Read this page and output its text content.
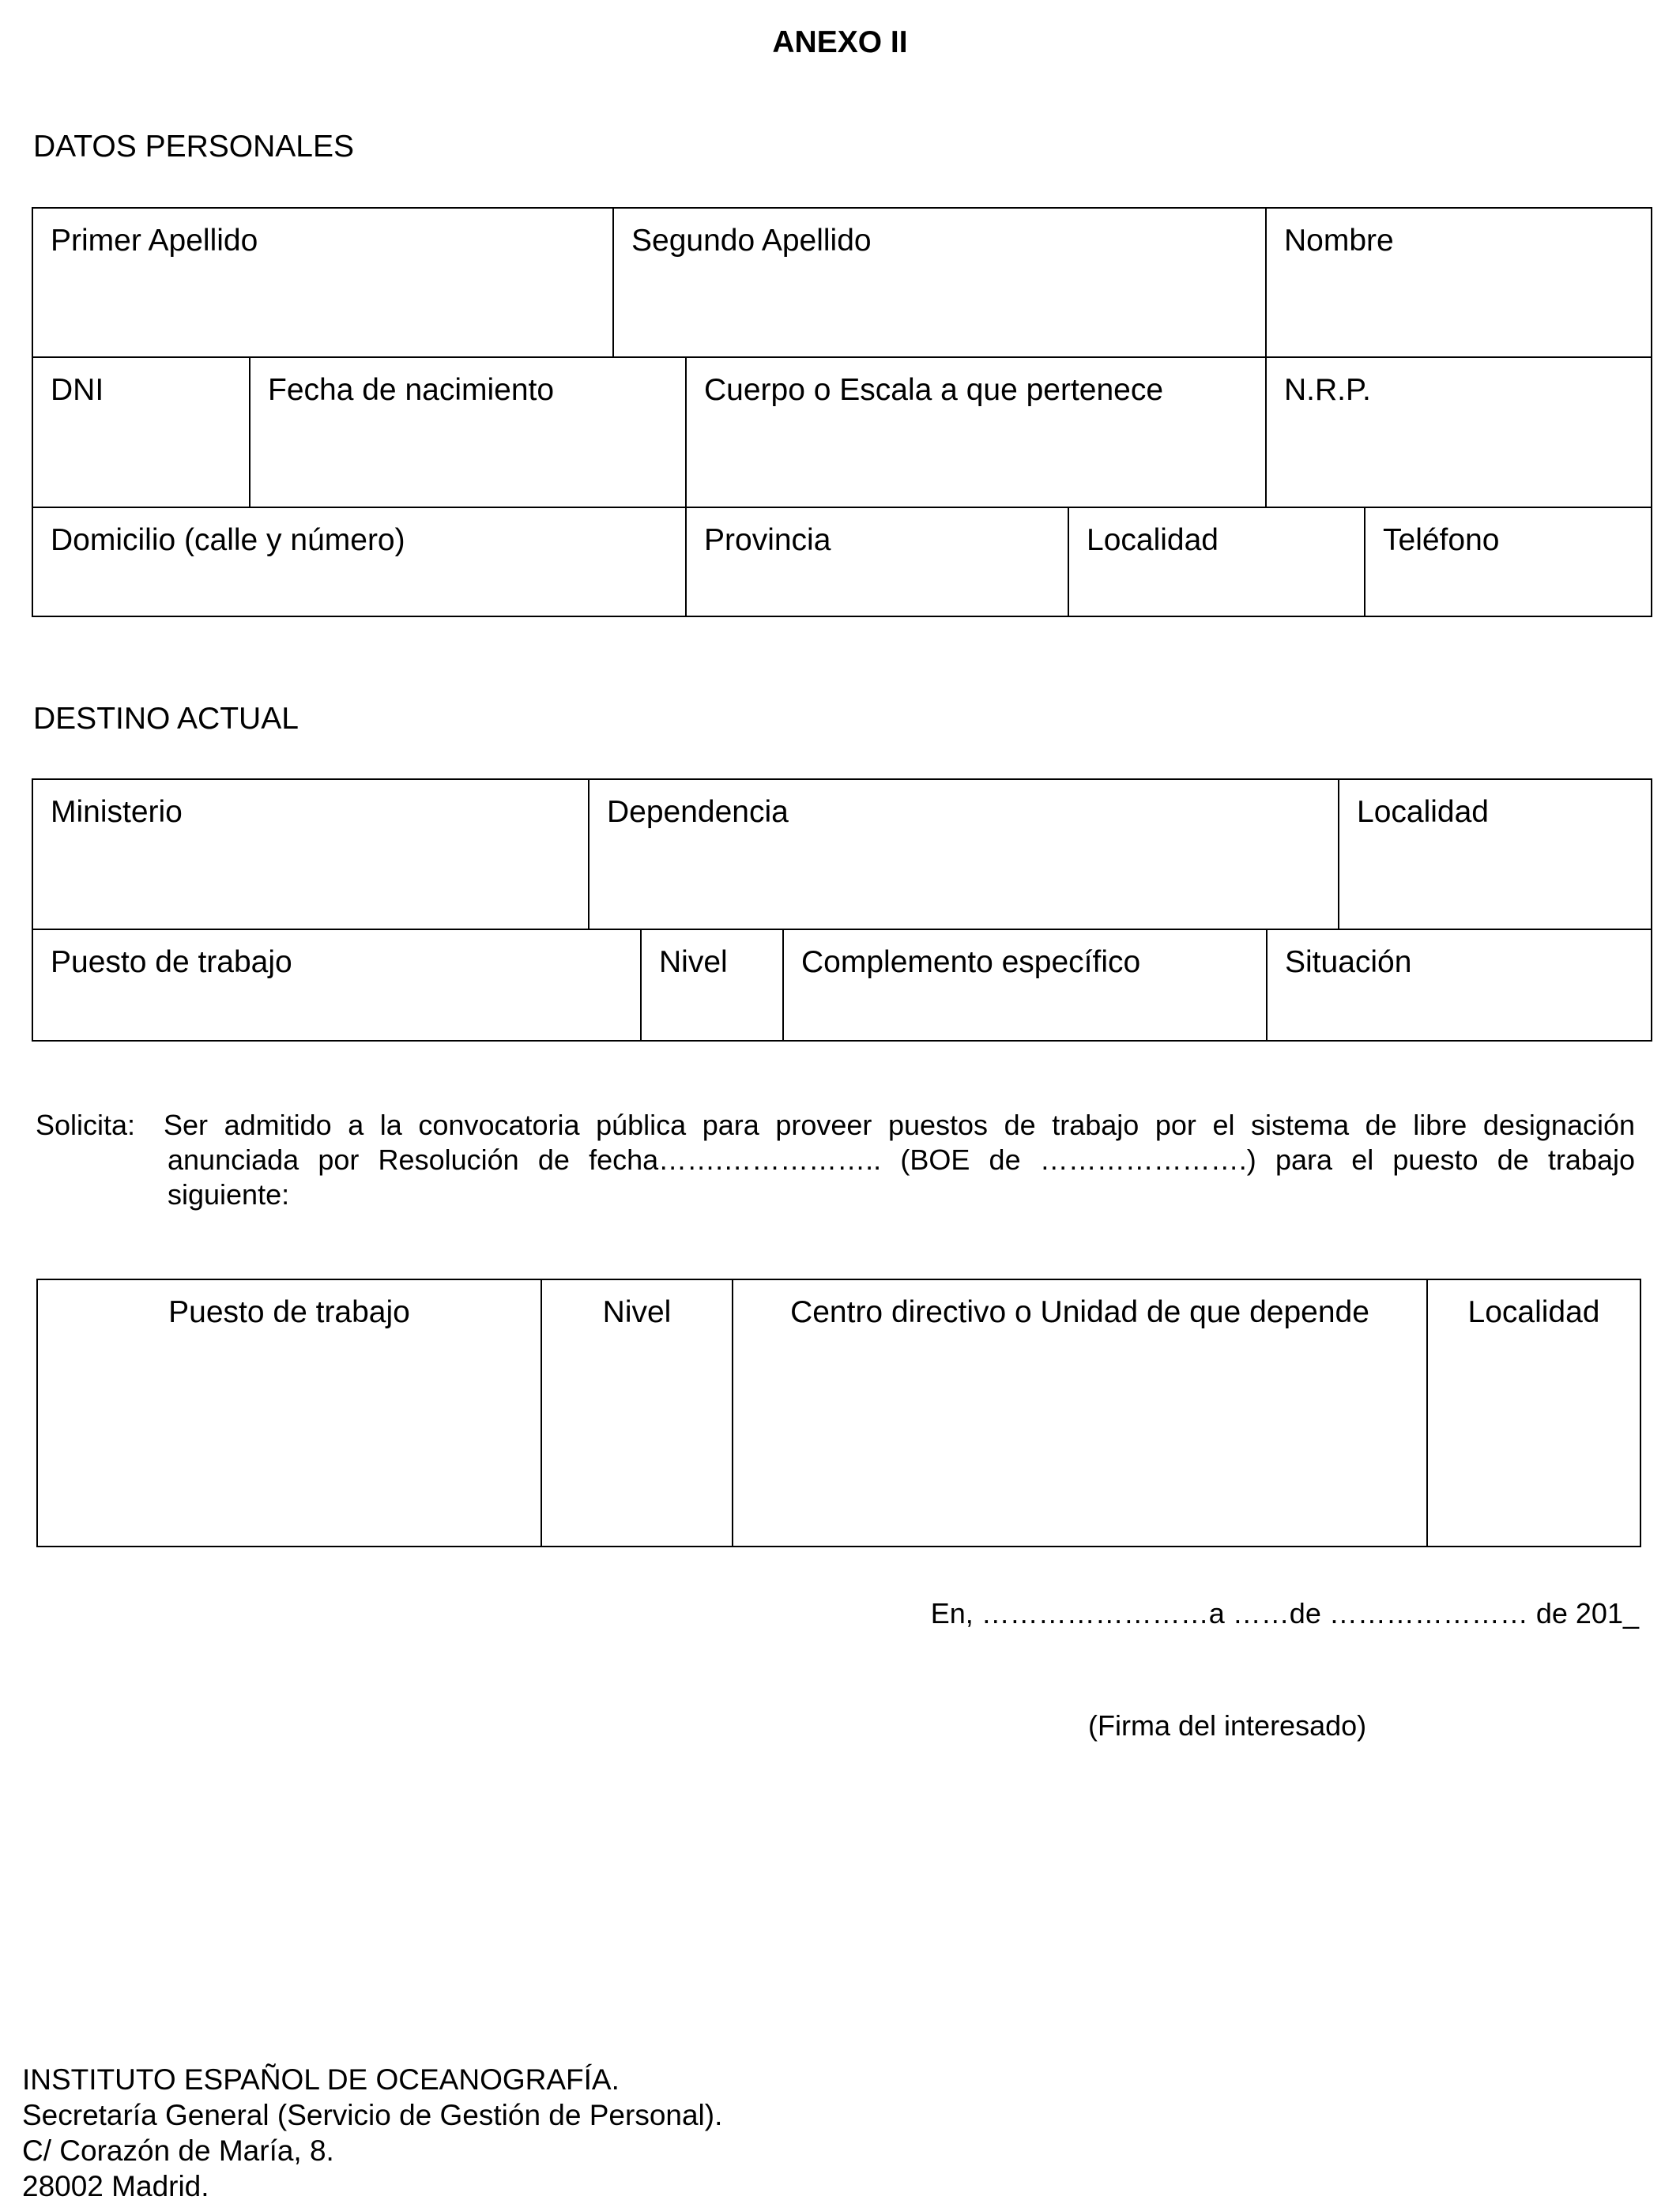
ANEXO II
DATOS PERSONALES
Primer Apellido	Segundo Apellido	Nombre
DNI	Fecha de nacimiento	Cuerpo o Escala a que pertenece	N.R.P.
Domicilio (calle y número)	Provincia	Localidad	Teléfono
DESTINO ACTUAL
Ministerio	Dependencia	Localidad
Puesto de trabajo	Nivel	Complemento específico	Situación
Solicita: Ser admitido a la convocatoria pública para proveer puestos de trabajo por el sistema de libre designación
anunciada por Resolución de fecha…….…………….. (BOE de ………………….) para el puesto de trabajo
siguiente:
Puesto de trabajo	Nivel	Centro directivo o Unidad de que depende	Localidad
En, ……………………a ……de ………………… de 201_
(Firma del interesado)
INSTITUTO ESPAÑOL DE OCEANOGRAFÍA.
Secretaría General (Servicio de Gestión de Personal).
C/ Corazón de María, 8.
28002 Madrid.
